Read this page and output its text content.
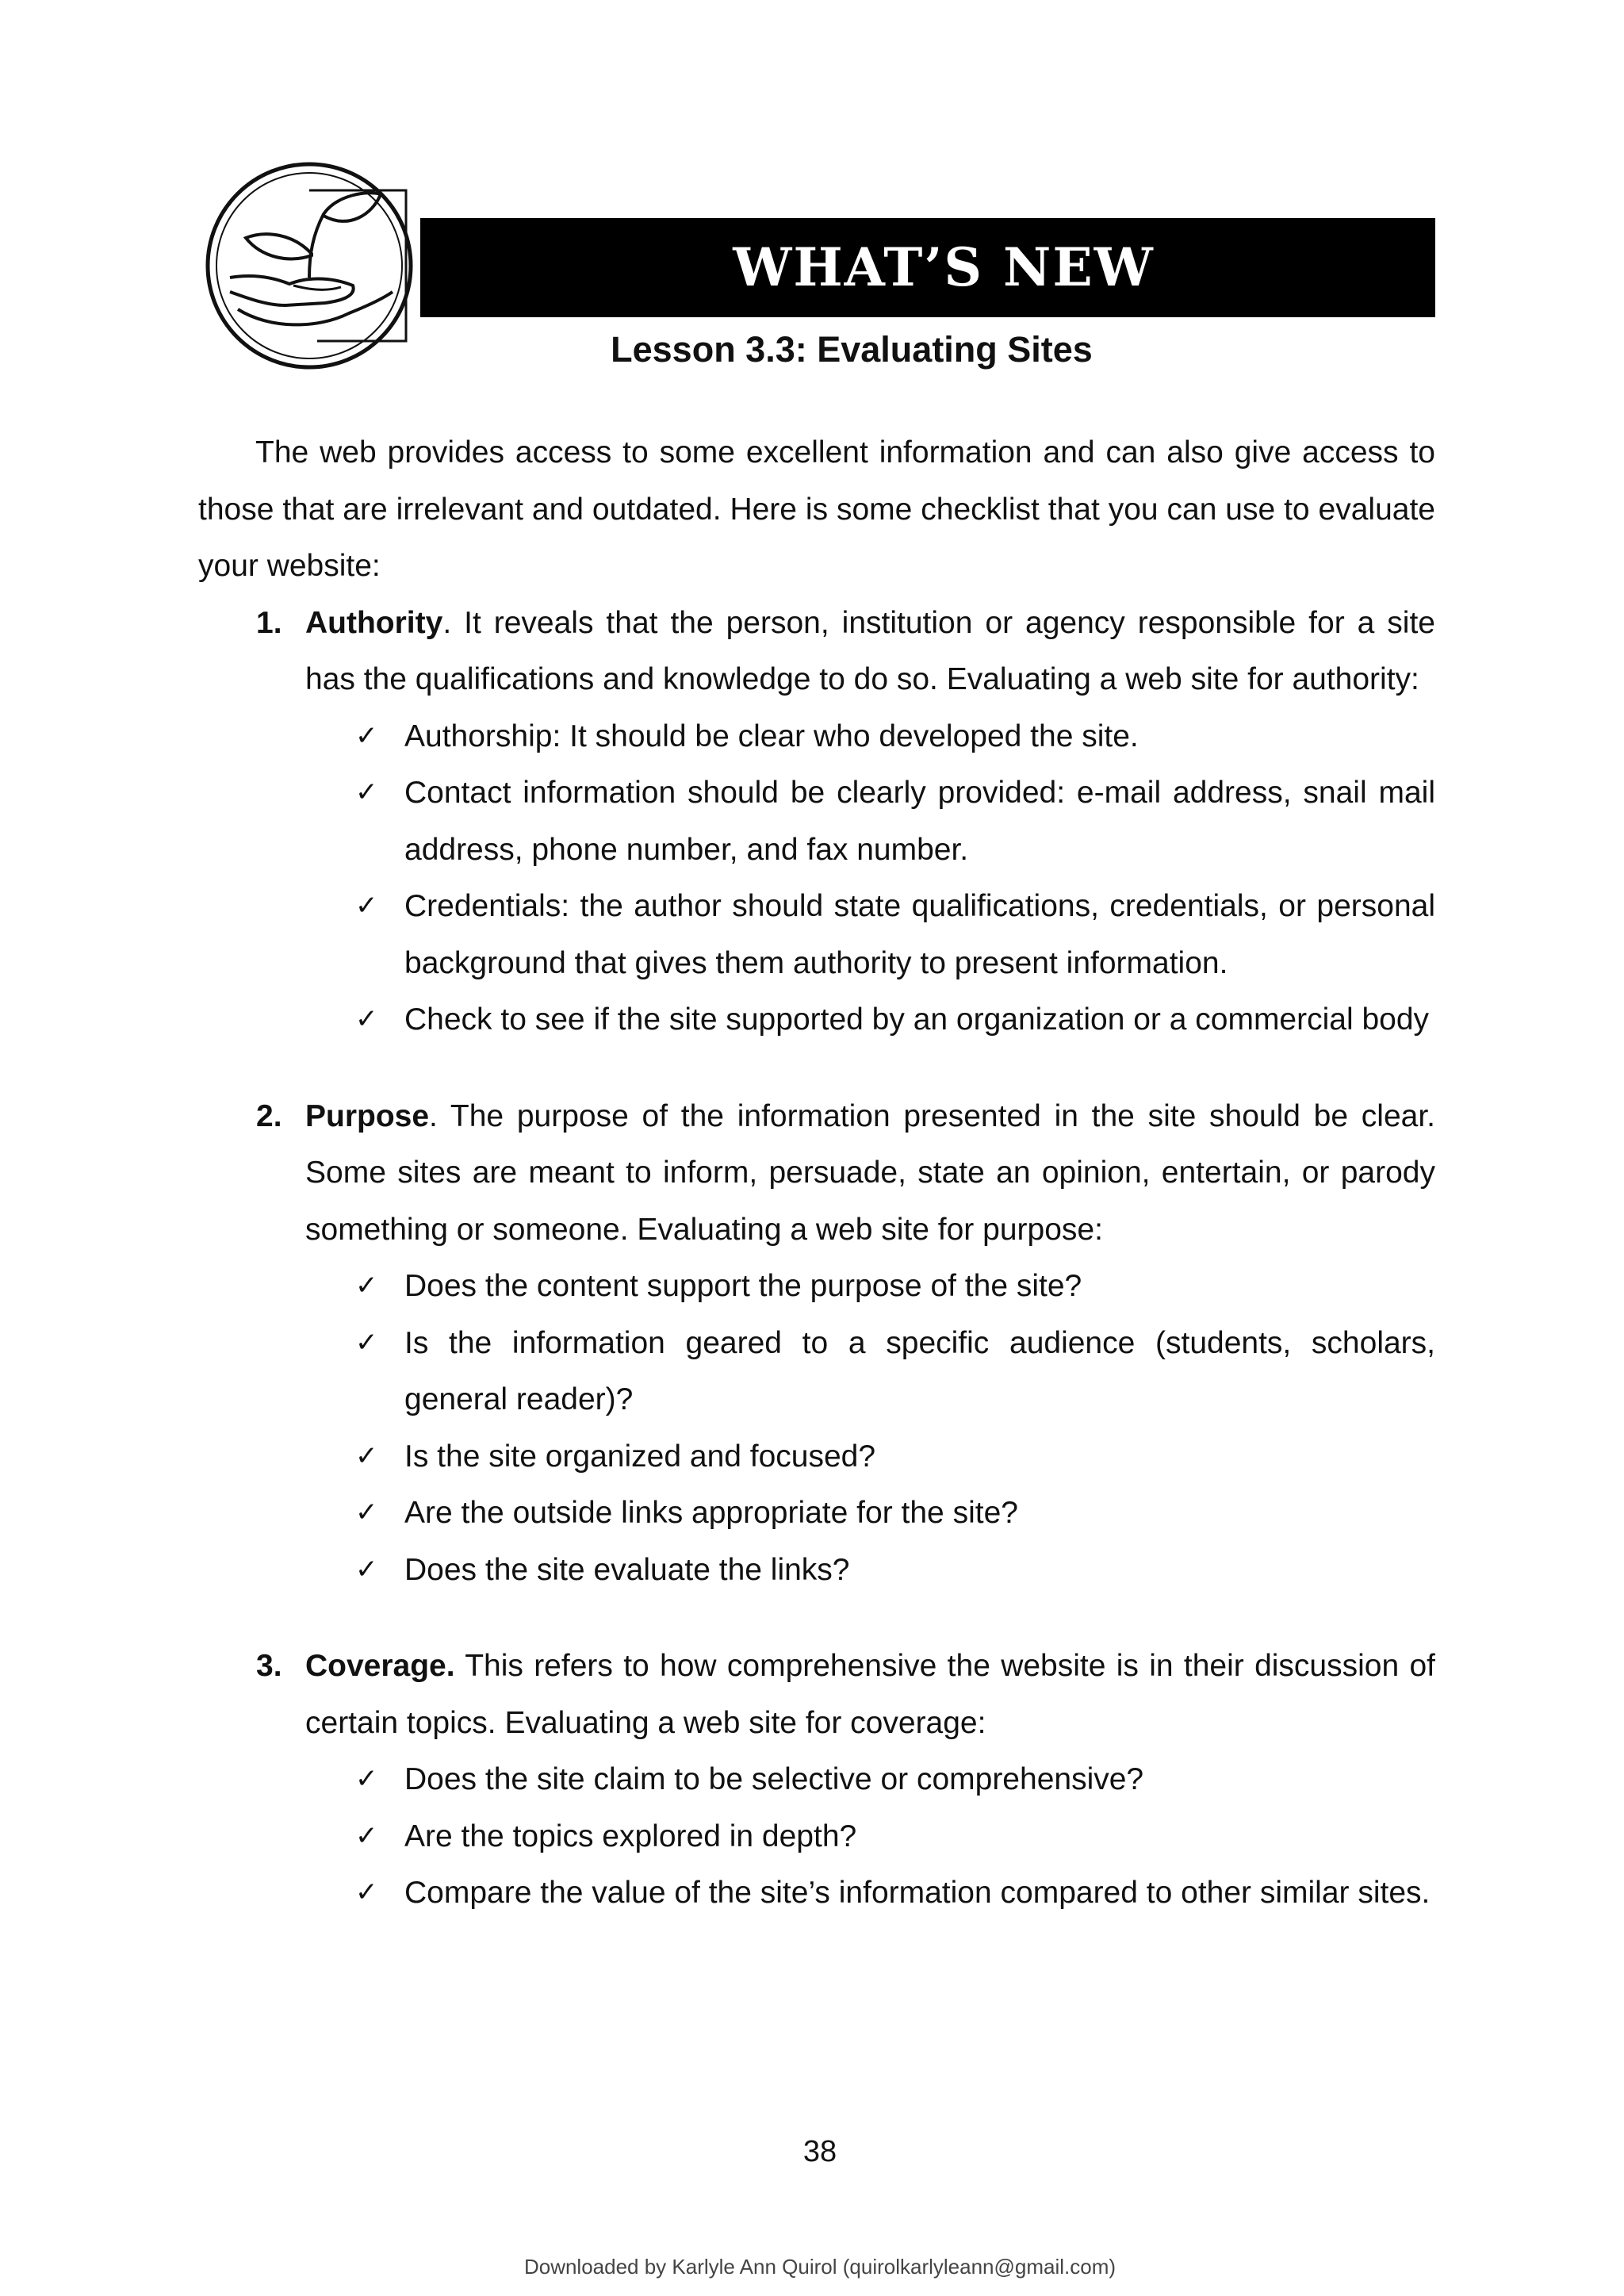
WHAT’S NEW
Lesson 3.3: Evaluating Sites

The web provides access to some excellent information and can also give access to those that are irrelevant and outdated. Here is some checklist that you can use to evaluate your website:

1. Authority. It reveals that the person, institution or agency responsible for a site has the qualifications and knowledge to do so. Evaluating a web site for authority:
✓ Authorship: It should be clear who developed the site.
✓ Contact information should be clearly provided: e-mail address, snail mail address, phone number, and fax number.
✓ Credentials: the author should state qualifications, credentials, or personal background that gives them authority to present information.
✓ Check to see if the site supported by an organization or a commercial body
2. Purpose. The purpose of the information presented in the site should be clear. Some sites are meant to inform, persuade, state an opinion, entertain, or parody something or someone. Evaluating a web site for purpose:
✓ Does the content support the purpose of the site?
✓ Is the information geared to a specific audience (students, scholars, general reader)?
✓ Is the site organized and focused?
✓ Are the outside links appropriate for the site?
✓ Does the site evaluate the links?
3. Coverage. This refers to how comprehensive the website is in their discussion of certain topics. Evaluating a web site for coverage:
✓ Does the site claim to be selective or comprehensive?
✓ Are the topics explored in depth?
✓ Compare the value of the site’s information compared to other similar sites.
38
Downloaded by Karlyle Ann Quirol (quirolkarlyleann@gmail.com)
